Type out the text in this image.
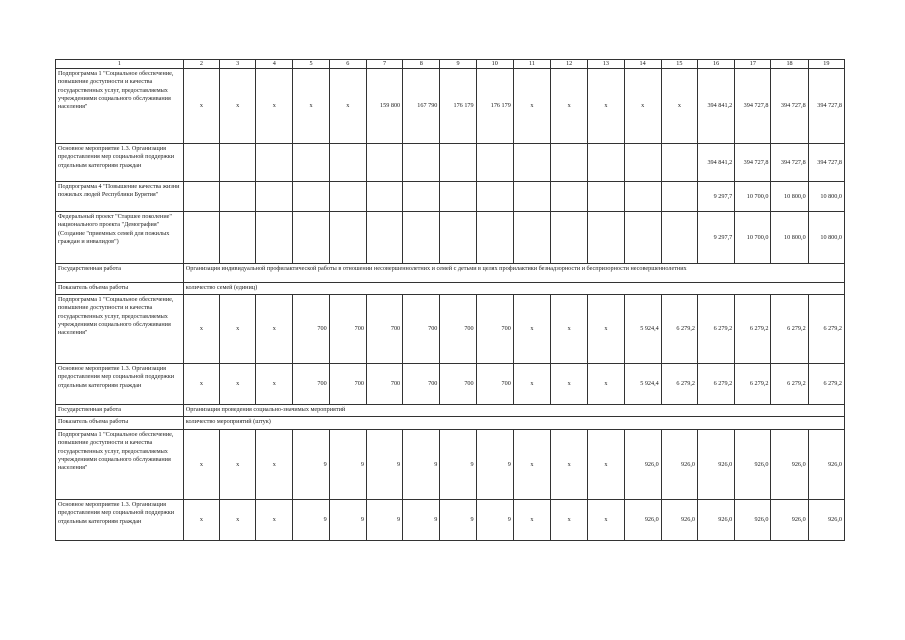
1	2	3	4	5	6	7	8	9	10	11	12	13	14	15	16	17	18	19
Подпрограмма 1 "Социальное обеспечение, повышение доступности и качества государственных услуг, предоставляемых учреждениями социального обслуживания населения"	x	x	x	x	x	159 800	167 790	176 179	176 179	x	x	x	x	x	394 841,2	394 727,8	394 727,8	394 727,8
Основное мероприятие 1.3. Организация предоставления мер социальной поддержки отдельным категориям граждан															394 841,2	394 727,8	394 727,8	394 727,8
Подпрограмма 4 "Повышение качества жизни пожилых людей Республики Бурятия"															9 297,7	10 700,0	10 800,0	10 800,0
Федеральный проект "Старшее поколение" национального проекта "Демография" (Создание "приемных семей для пожилых граждан и инвалидов")															9 297,7	10 700,0	10 800,0	10 800,0
Государственная работа	Организация индивидуальной профилактической работы в отношении несовершеннолетних и семей с детьми в целях профилактики безнадзорности и беспризорности несовершеннолетних																	
Показатель объема работы	количество семей (единиц)																	
Подпрограмма 1 "Социальное обеспечение, повышение доступности и качества государственных услуг, предоставляемых учреждениями социального обслуживания населения"	x	x	x	700	700	700	700	700	700	x	x	x	5 924,4	6 279,2	6 279,2	6 279,2	6 279,2	6 279,2
Основное мероприятие 1.3. Организация предоставления мер социальной поддержки отдельным категориям граждан	x	x	x	700	700	700	700	700	700	x	x	x	5 924,4	6 279,2	6 279,2	6 279,2	6 279,2	6 279,2
Государственная работа	Организация проведения социально-значимых мероприятий																	
Показатель объема работы	количество мероприятий (штук)																	
Подпрограмма 1 "Социальное обеспечение, повышение доступности и качества государственных услуг, предоставляемых учреждениями социального обслуживания населения"	x	x	x	9	9	9	9	9	9	x	x	x	926,0	926,0	926,0	926,0	926,0	926,0
Основное мероприятие 1.3. Организация предоставления мер социальной поддержки отдельным категориям граждан	x	x	x	9	9	9	9	9	9	x	x	x	926,0	926,0	926,0	926,0	926,0	926,0
